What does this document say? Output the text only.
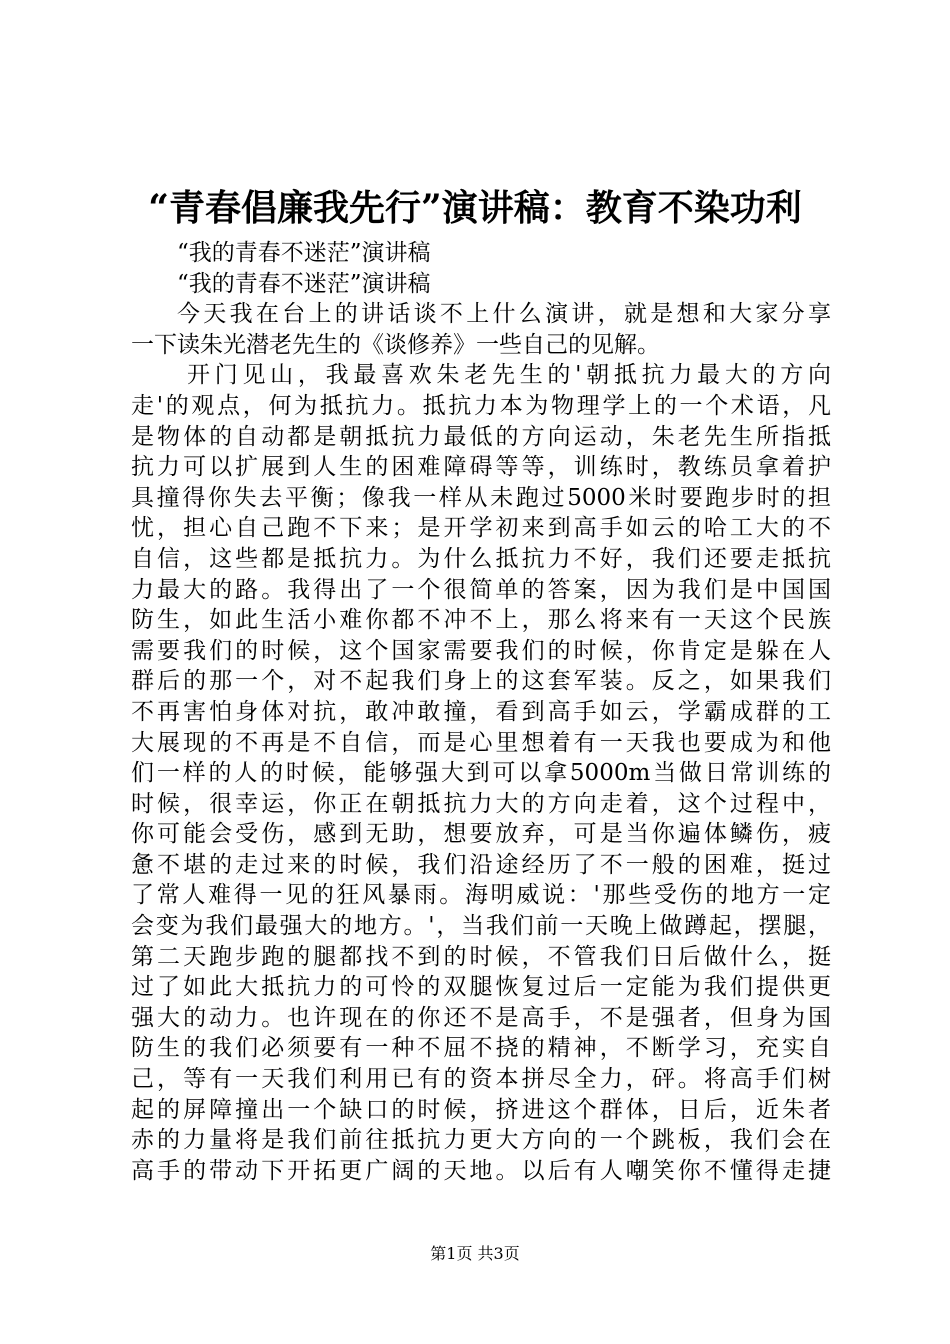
“青春倡廉我先行”演讲稿：教育不染功利
“我的青春不迷茫”演讲稿
“我的青春不迷茫”演讲稿
今天我在台上的讲话谈不上什么演讲，就是想和大家分享
一下读朱光潜老先生的《谈修养》一些自己的见解。
开门见山，我最喜欢朱老先生的'朝抵抗力最大的方向
走'的观点，何为抵抗力。抵抗力本为物理学上的一个术语，凡
是物体的自动都是朝抵抗力最低的方向运动，朱老先生所指抵
抗力可以扩展到人生的困难障碍等等，训练时，教练员拿着护
具撞得你失去平衡；像我一样从未跑过5000米时要跑步时的担
忧，担心自己跑不下来；是开学初来到高手如云的哈工大的不
自信，这些都是抵抗力。为什么抵抗力不好，我们还要走抵抗
力最大的路。我得出了一个很简单的答案，因为我们是中国国
防生，如此生活小难你都不冲不上，那么将来有一天这个民族
需要我们的时候，这个国家需要我们的时候，你肯定是躲在人
群后的那一个，对不起我们身上的这套军装。反之，如果我们
不再害怕身体对抗，敢冲敢撞，看到高手如云，学霸成群的工
大展现的不再是不自信，而是心里想着有一天我也要成为和他
们一样的人的时候，能够强大到可以拿5000m当做日常训练的
时候，很幸运，你正在朝抵抗力大的方向走着，这个过程中，
你可能会受伤，感到无助，想要放弃，可是当你遍体鳞伤，疲
惫不堪的走过来的时候，我们沿途经历了不一般的困难，挺过
了常人难得一见的狂风暴雨。海明威说：'那些受伤的地方一定
会变为我们最强大的地方。'，当我们前一天晚上做蹲起，摆腿，
第二天跑步跑的腿都找不到的时候，不管我们日后做什么，挺
过了如此大抵抗力的可怜的双腿恢复过后一定能为我们提供更
强大的动力。也许现在的你还不是高手，不是强者，但身为国
防生的我们必须要有一种不屈不挠的精神，不断学习，充实自
己，等有一天我们利用已有的资本拼尽全力，砰。将高手们树
起的屏障撞出一个缺口的时候，挤进这个群体，日后，近朱者
赤的力量将是我们前往抵抗力更大方向的一个跳板，我们会在
高手的带动下开拓更广阔的天地。以后有人嘲笑你不懂得走捷
第1页 共3页
